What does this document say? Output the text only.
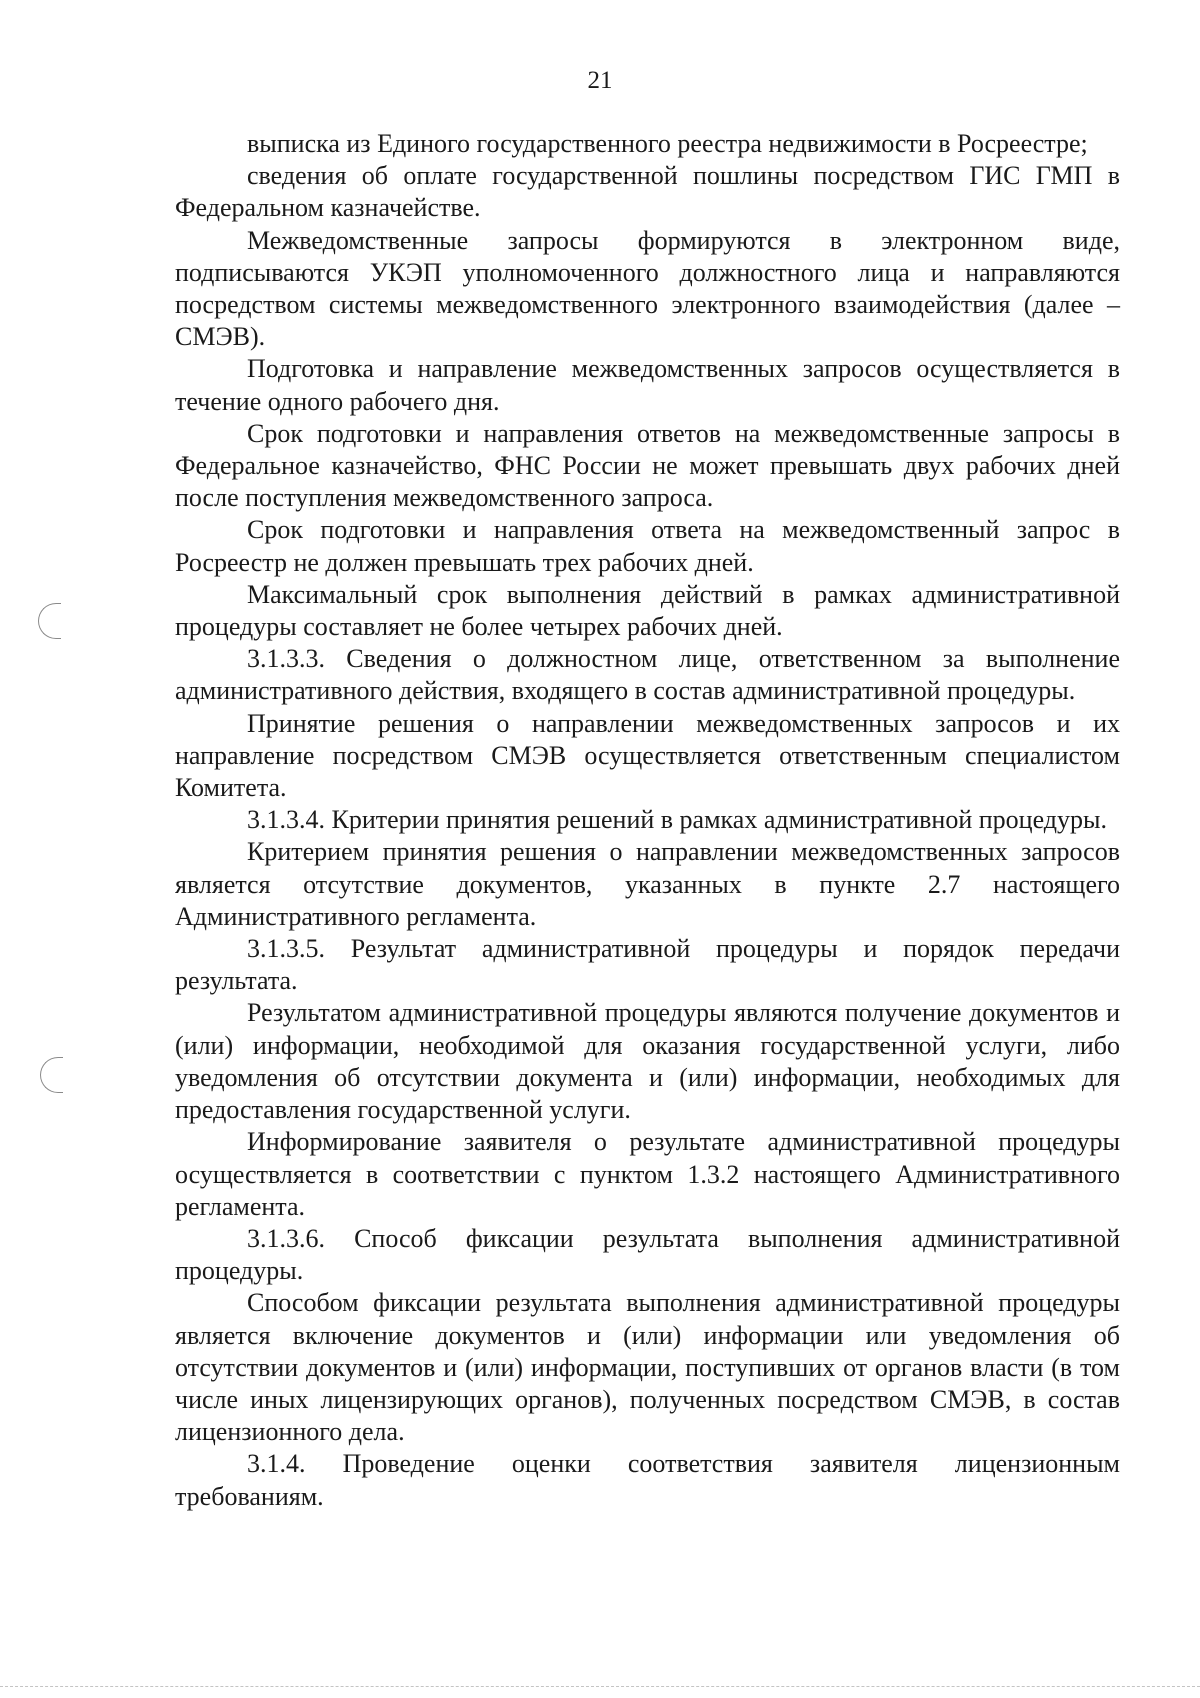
21

выписка из Единого государственного реестра недвижимости в Росреестре;

сведения об оплате государственной пошлины посредством ГИС ГМП в Федеральном казначействе.

Межведомственные запросы формируются в электронном виде, подписываются УКЭП уполномоченного должностного лица и направляются посредством системы межведомственного электронного взаимодействия (далее – СМЭВ).

Подготовка и направление межведомственных запросов осуществляется в течение одного рабочего дня.

Срок подготовки и направления ответов на межведомственные запросы в Федеральное казначейство, ФНС России не может превышать двух рабочих дней после поступления межведомственного запроса.

Срок подготовки и направления ответа на межведомственный запрос в Росреестр не должен превышать трех рабочих дней.

Максимальный срок выполнения действий в рамках административной процедуры составляет не более четырех рабочих дней.

3.1.3.3. Сведения о должностном лице, ответственном за выполнение административного действия, входящего в состав административной процедуры.

Принятие решения о направлении межведомственных запросов и их направление посредством СМЭВ осуществляется ответственным специалистом Комитета.

3.1.3.4. Критерии принятия решений в рамках административной процедуры.

Критерием принятия решения о направлении межведомственных запросов является отсутствие документов, указанных в пункте 2.7 настоящего Административного регламента.

3.1.3.5. Результат административной процедуры и порядок передачи результата.

Результатом административной процедуры являются получение документов и (или) информации, необходимой для оказания государственной услуги, либо уведомления об отсутствии документа и (или) информации, необходимых для предоставления государственной услуги.

Информирование заявителя о результате административной процедуры осуществляется в соответствии с пунктом 1.3.2 настоящего Административного регламента.

3.1.3.6. Способ фиксации результата выполнения административной процедуры.

Способом фиксации результата выполнения административной процедуры является включение документов и (или) информации или уведомления об отсутствии документов и (или) информации, поступивших от органов власти (в том числе иных лицензирующих органов), полученных посредством СМЭВ, в состав лицензионного дела.

3.1.4. Проведение оценки соответствия заявителя лицензионным требованиям.
